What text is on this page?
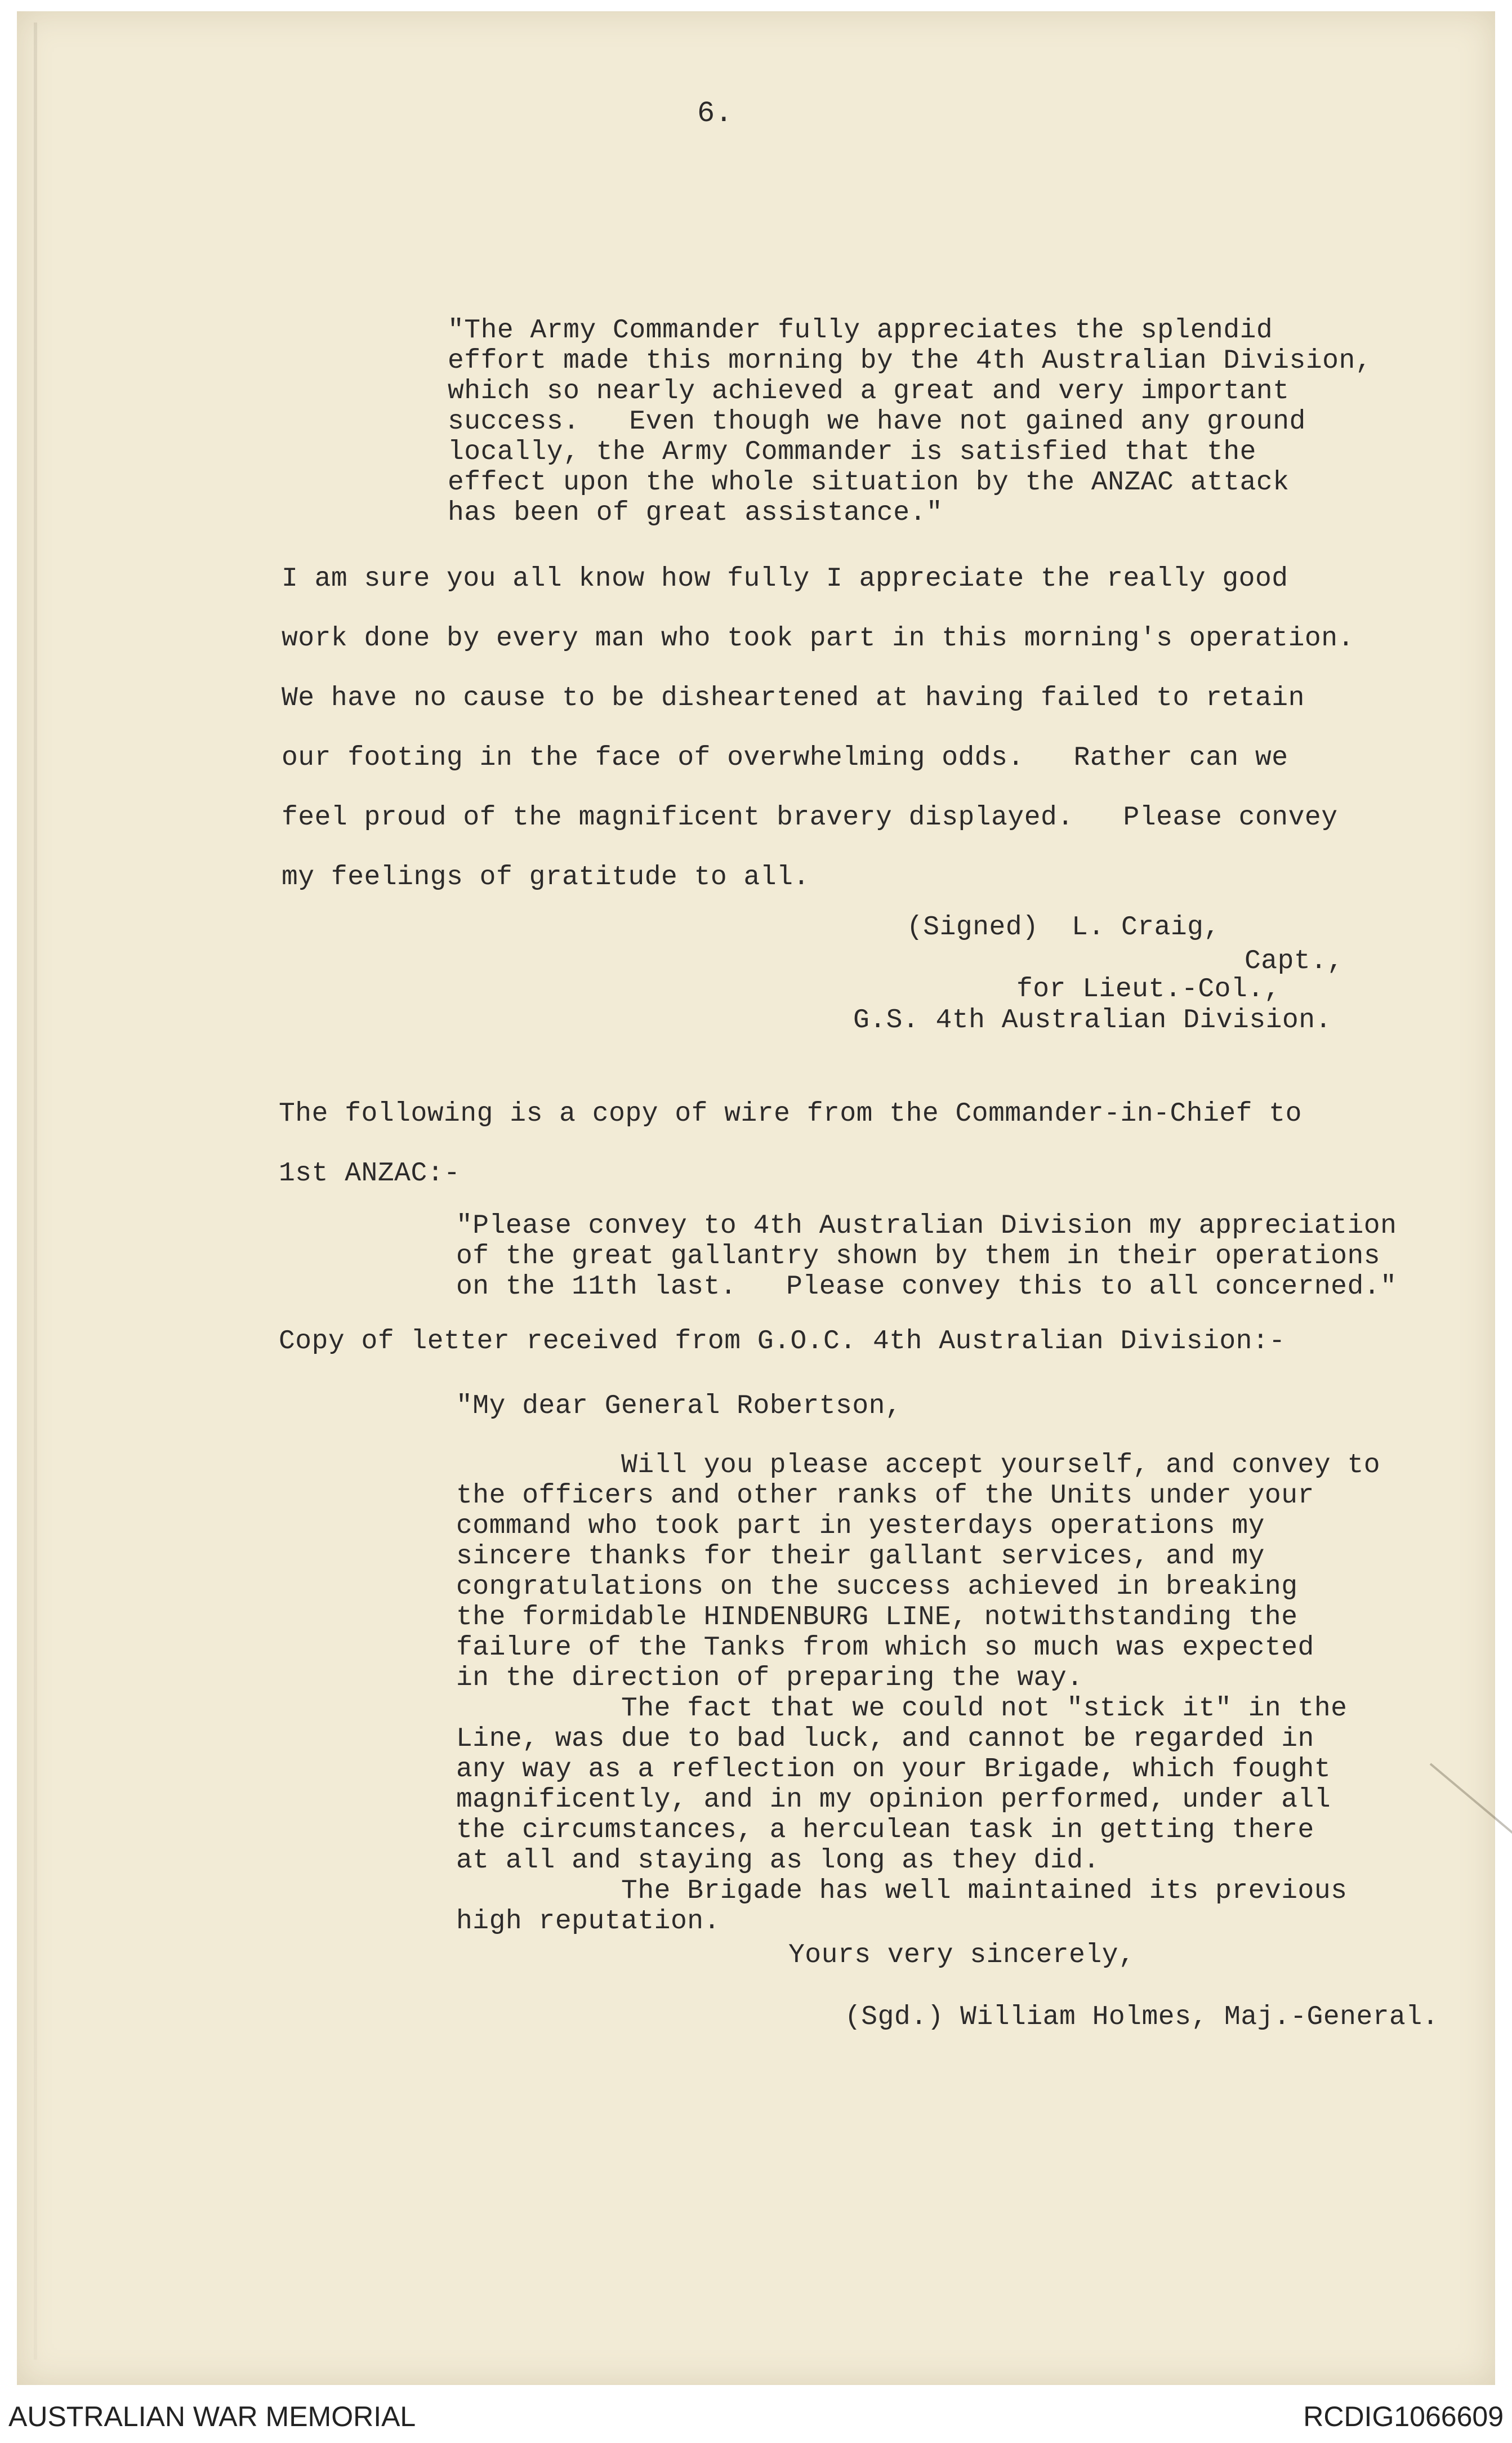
6.
"The Army Commander fully appreciates the splendid
effort made this morning by the 4th Australian Division,
which so nearly achieved a great and very important
success.   Even though we have not gained any ground
locally, the Army Commander is satisfied that the
effect upon the whole situation by the ANZAC attack
has been of great assistance."
I am sure you all know how fully I appreciate the really good
work done by every man who took part in this morning's operation.
We have no cause to be disheartened at having failed to retain
our footing in the face of overwhelming odds.   Rather can we
feel proud of the magnificent bravery displayed.   Please convey
my feelings of gratitude to all.
(Signed)  L. Craig,
Capt.,
for Lieut.-Col.,
G.S. 4th Australian Division.
The following is a copy of wire from the Commander-in-Chief to
1st ANZAC:-
"Please convey to 4th Australian Division my appreciation
of the great gallantry shown by them in their operations
on the 11th last.   Please convey this to all concerned."
Copy of letter received from G.O.C. 4th Australian Division:-
"My dear General Robertson,
Will you please accept yourself, and convey to
the officers and other ranks of the Units under your
command who took part in yesterdays operations my
sincere thanks for their gallant services, and my
congratulations on the success achieved in breaking
the formidable HINDENBURG LINE, notwithstanding the
failure of the Tanks from which so much was expected
in the direction of preparing the way.
The fact that we could not "stick it" in the
Line, was due to bad luck, and cannot be regarded in
any way as a reflection on your Brigade, which fought
magnificently, and in my opinion performed, under all
the circumstances, a herculean task in getting there
at all and staying as long as they did.
The Brigade has well maintained its previous
high reputation.
Yours very sincerely,
(Sgd.) William Holmes, Maj.-General.
AUSTRALIAN WAR MEMORIAL	RCDIG1066609
